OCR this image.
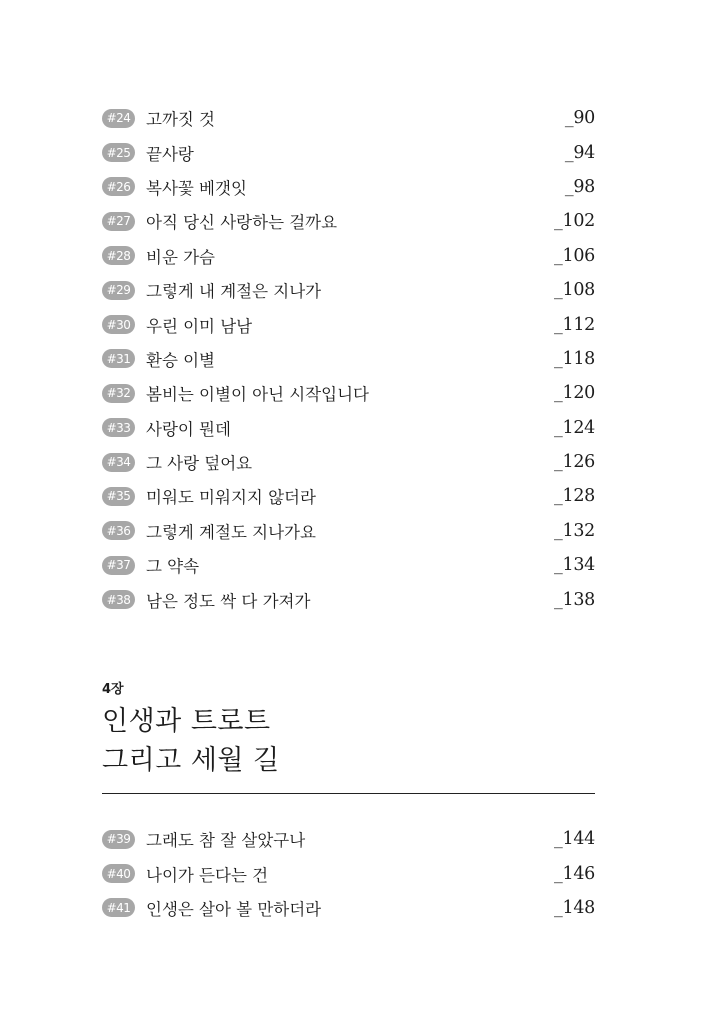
#24 고까짓 것	_90
#25 끝사랑	_94
#26 복사꽃 베갯잇	_98
#27 아직 당신 사랑하는 걸까요	_102
#28 비운 가슴	_106
#29 그렇게 내 계절은 지나가	_108
#30 우린 이미 남남	_112
#31 환승 이별	_118
#32 봄비는 이별이 아닌 시작입니다	_120
#33 사랑이 뭔데	_124
#34 그 사랑 덮어요	_126
#35 미워도 미워지지 않더라	_128
#36 그렇게 계절도 지나가요	_132
#37 그 약속	_134
#38 남은 정도 싹 다 가져가	_138
4장
인생과 트로트
그리고 세월 길
#39 그래도 참 잘 살았구나	_144
#40 나이가 든다는 건	_146
#41 인생은 살아 볼 만하더라	_148
